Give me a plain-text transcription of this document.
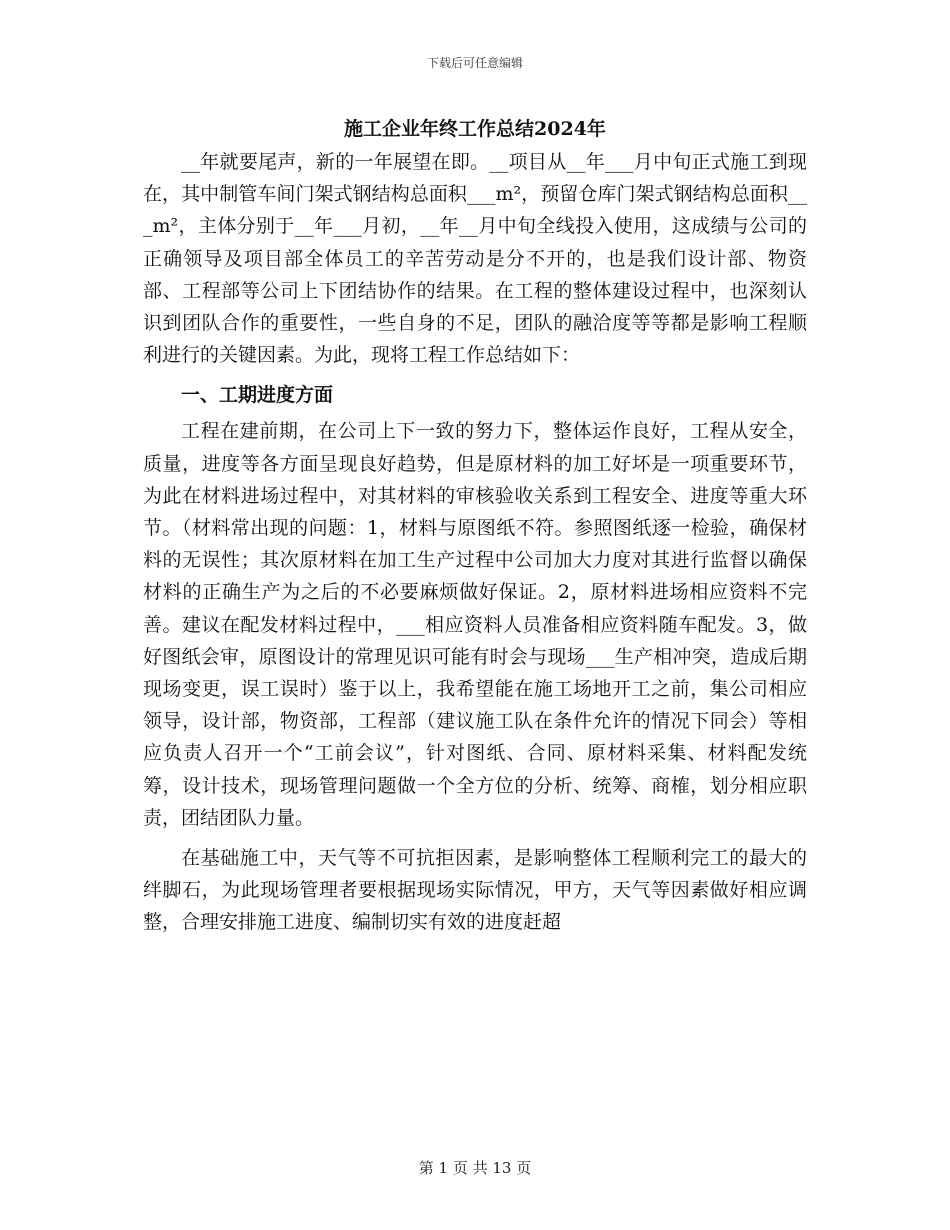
下载后可任意编辑
施工企业年终工作总结2024年

__年就要尾声，新的一年展望在即。__项目从__年___月中旬正式施工到现在，其中制管车间门架式钢结构总面积___m²，预留仓库门架式钢结构总面积___m²，主体分别于__年___月初，__年__月中旬全线投入使用，这成绩与公司的正确领导及项目部全体员工的辛苦劳动是分不开的，也是我们设计部、物资部、工程部等公司上下团结协作的结果。在工程的整体建设过程中，也深刻认识到团队合作的重要性，一些自身的不足，团队的融洽度等等都是影响工程顺利进行的关键因素。为此，现将工程工作总结如下：

一、工期进度方面

工程在建前期，在公司上下一致的努力下，整体运作良好，工程从安全，质量，进度等各方面呈现良好趋势，但是原材料的加工好坏是一项重要环节，为此在材料进场过程中，对其材料的审核验收关系到工程安全、进度等重大环节。（材料常出现的问题：1，材料与原图纸不符。参照图纸逐一检验，确保材料的无误性；其次原材料在加工生产过程中公司加大力度对其进行监督以确保材料的正确生产为之后的不必要麻烦做好保证。2，原材料进场相应资料不完善。建议在配发材料过程中，___相应资料人员准备相应资料随车配发。3，做好图纸会审，原图设计的常理见识可能有时会与现场___生产相冲突，造成后期现场变更，误工误时）鉴于以上，我希望能在施工场地开工之前，集公司相应领导，设计部，物资部，工程部（建议施工队在条件允许的情况下同会）等相应负责人召开一个“工前会议”，针对图纸、合同、原材料采集、材料配发统筹，设计技术，现场管理问题做一个全方位的分析、统筹、商榷，划分相应职责，团结团队力量。

在基础施工中，天气等不可抗拒因素，是影响整体工程顺利完工的最大的绊脚石，为此现场管理者要根据现场实际情况，甲方，天气等因素做好相应调整，合理安排施工进度、编制切实有效的进度赶超

第 1 页 共 13 页
